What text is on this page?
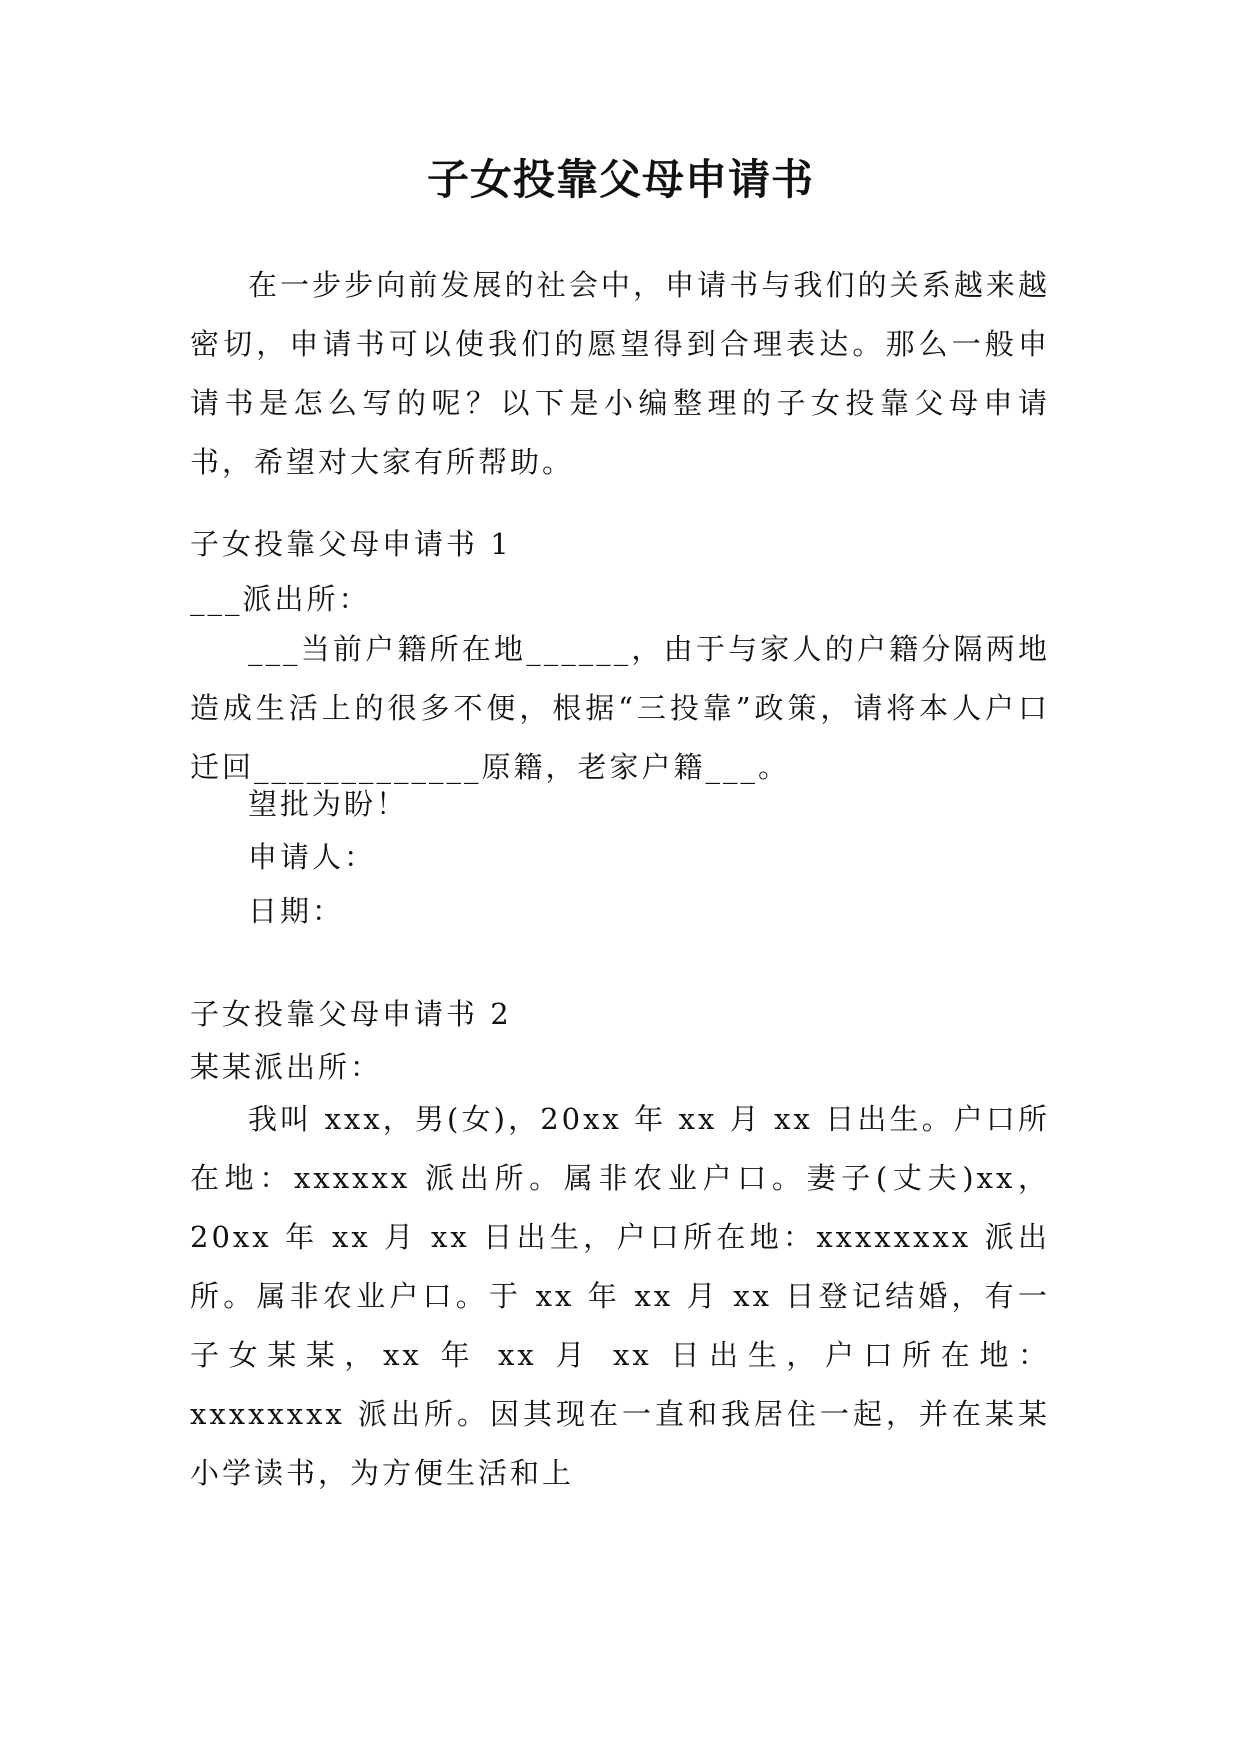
子女投靠父母申请书

在一步步向前发展的社会中，申请书与我们的关系越来越密切，申请书可以使我们的愿望得到合理表达。那么一般申请书是怎么写的呢？以下是小编整理的子女投靠父母申请书，希望对大家有所帮助。

子女投靠父母申请书 1

___派出所：

___当前户籍所在地______，由于与家人的户籍分隔两地造成生活上的很多不便，根据“三投靠”政策，请将本人户口迁回_____________原籍，老家户籍___。

望批为盼！

申请人：

日期：

子女投靠父母申请书 2

某某派出所：

我叫 xxx，男(女)，20xx 年 xx 月 xx 日出生。户口所在地：xxxxxx 派出所。属非农业户口。妻子(丈夫)xx，20xx 年 xx 月 xx 日出生，户口所在地：xxxxxxxx 派出所。属非农业户口。于 xx 年 xx 月 xx 日登记结婚，有一子女某某，xx 年 xx 月 xx 日出生，户口所在地：xxxxxxxx 派出所。因其现在一直和我居住一起，并在某某小学读书，为方便生活和上
